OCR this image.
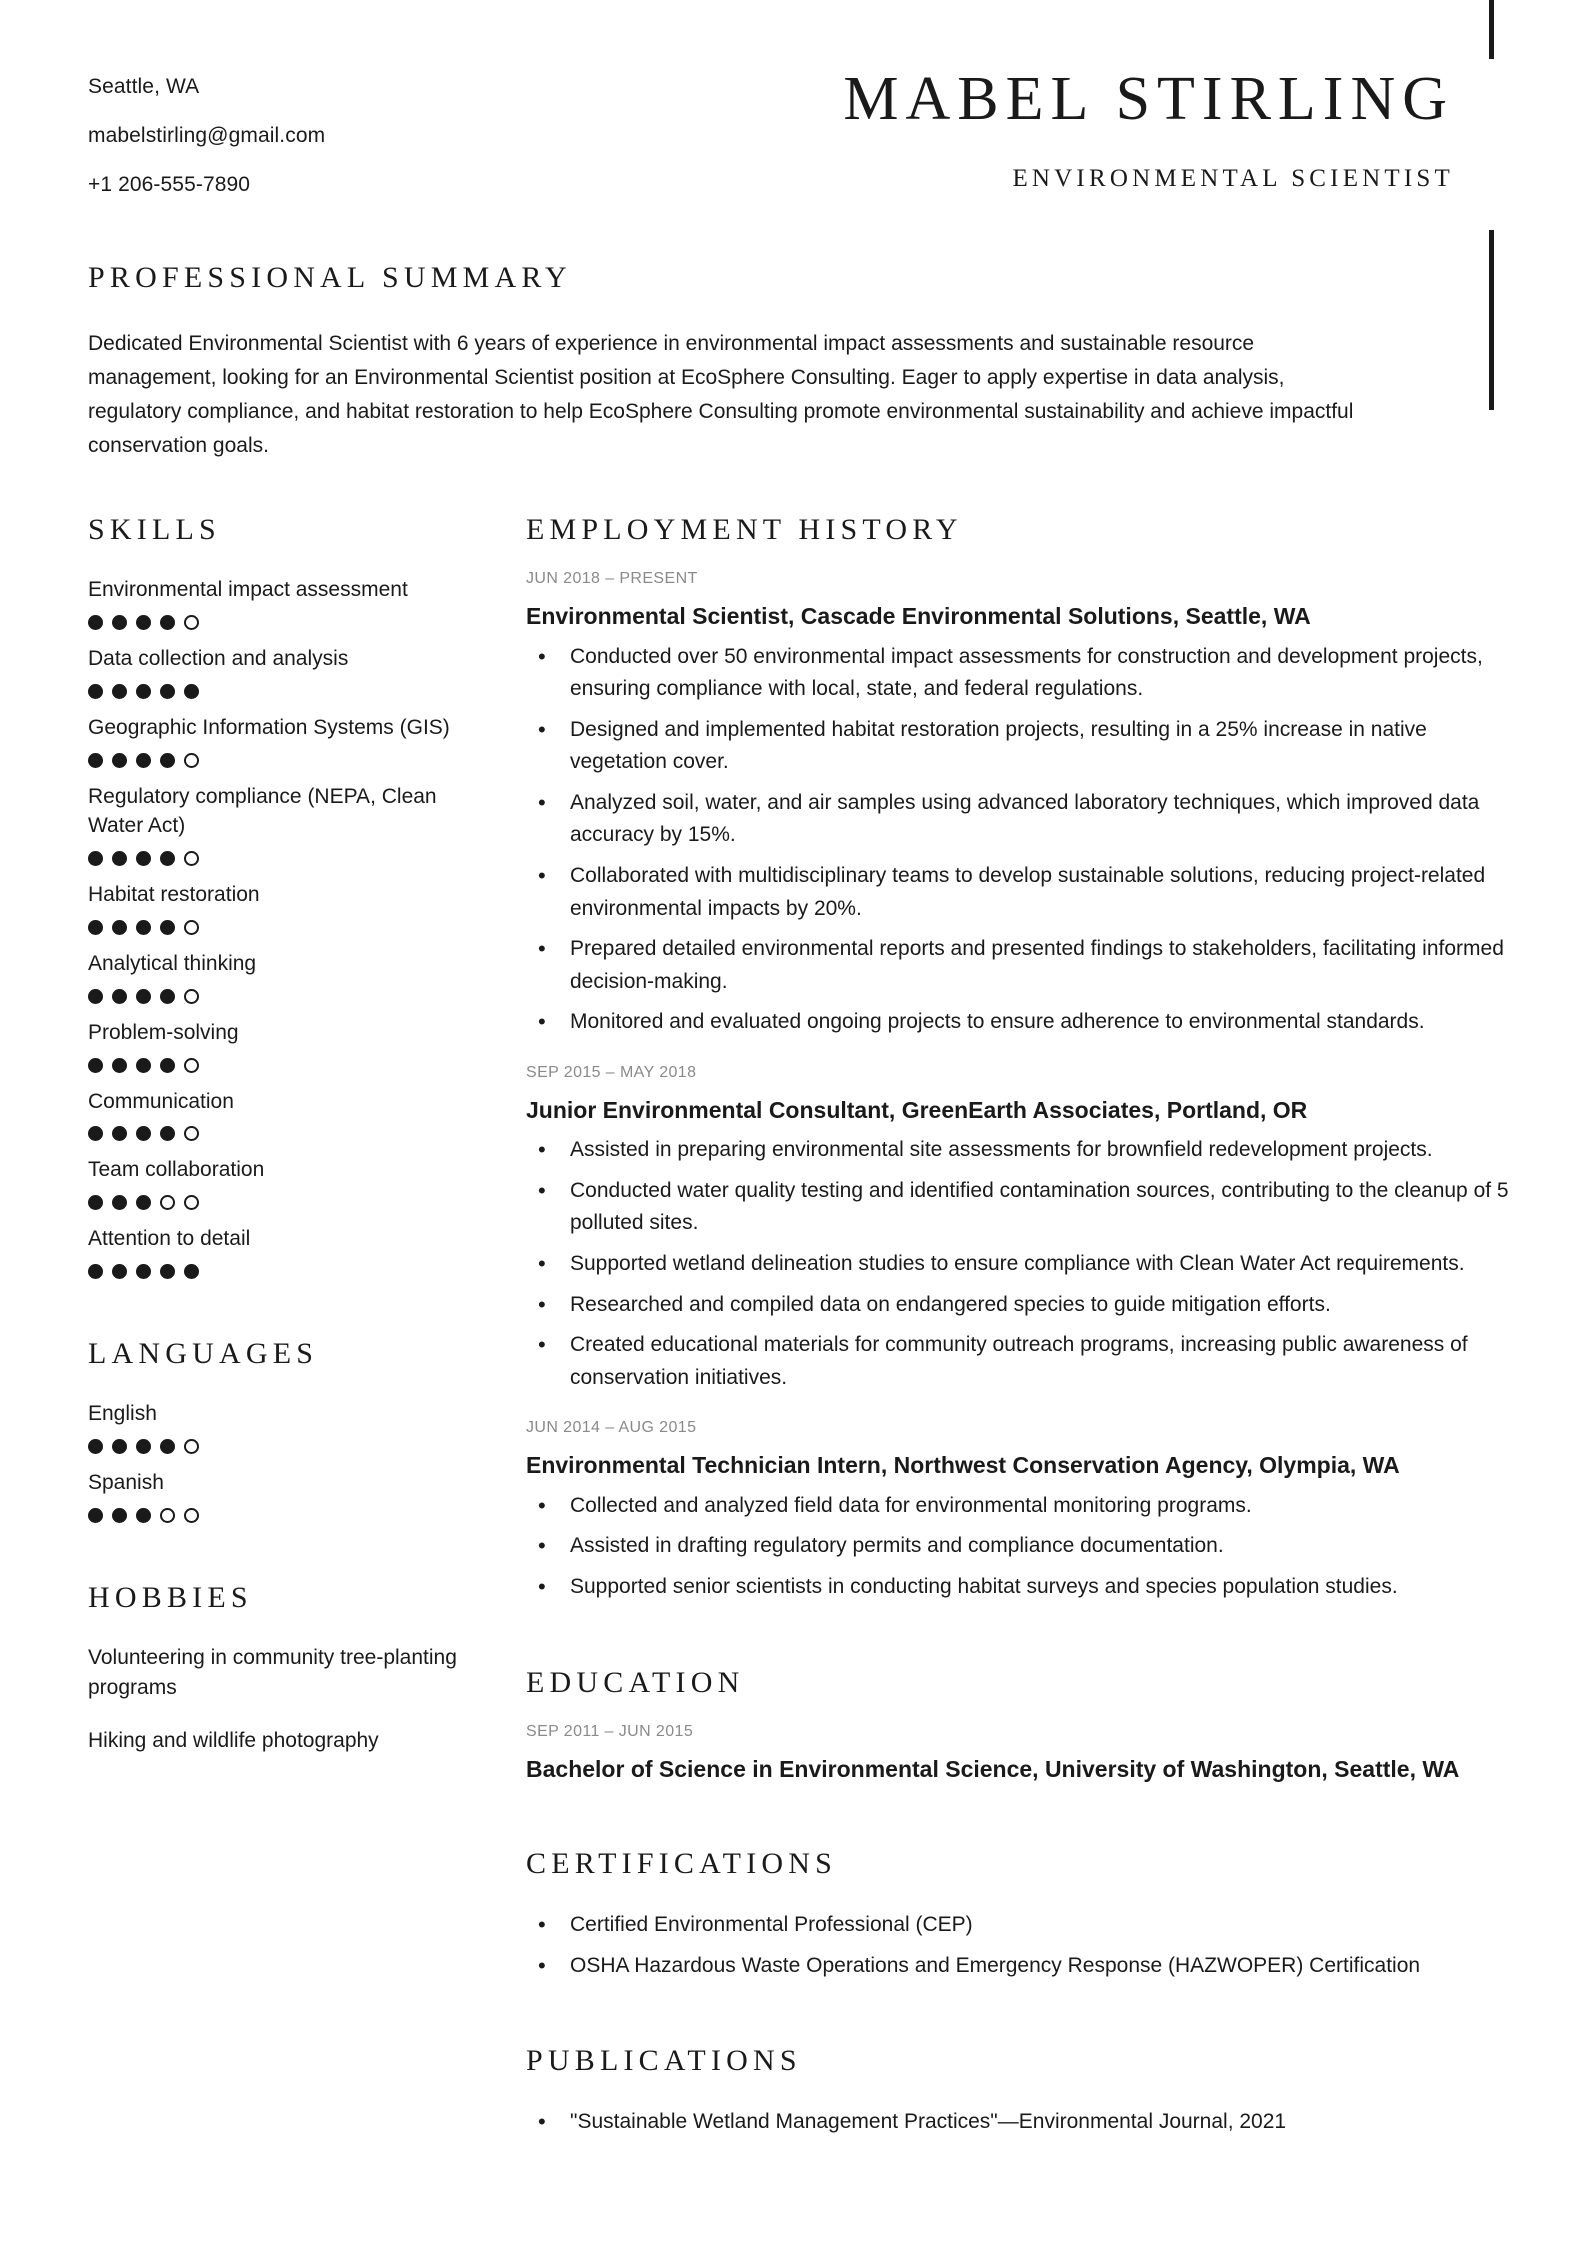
Seattle, WA
mabelstirling@gmail.com
+1 206-555-7890
MABEL STIRLING
ENVIRONMENTAL SCIENTIST
PROFESSIONAL SUMMARY
Dedicated Environmental Scientist with 6 years of experience in environmental impact assessments and sustainable resource management, looking for an Environmental Scientist position at EcoSphere Consulting. Eager to apply expertise in data analysis, regulatory compliance, and habitat restoration to help EcoSphere Consulting promote environmental sustainability and achieve impactful conservation goals.
SKILLS
Environmental impact assessment
Data collection and analysis
Geographic Information Systems (GIS)
Regulatory compliance (NEPA, Clean Water Act)
Habitat restoration
Analytical thinking
Problem-solving
Communication
Team collaboration
Attention to detail
LANGUAGES
English
Spanish
HOBBIES
Volunteering in community tree-planting programs
Hiking and wildlife photography
EMPLOYMENT HISTORY
JUN 2018 – PRESENT
Environmental Scientist, Cascade Environmental Solutions, Seattle, WA
• Conducted over 50 environmental impact assessments for construction and development projects, ensuring compliance with local, state, and federal regulations.
• Designed and implemented habitat restoration projects, resulting in a 25% increase in native vegetation cover.
• Analyzed soil, water, and air samples using advanced laboratory techniques, which improved data accuracy by 15%.
• Collaborated with multidisciplinary teams to develop sustainable solutions, reducing project-related environmental impacts by 20%.
• Prepared detailed environmental reports and presented findings to stakeholders, facilitating informed decision-making.
• Monitored and evaluated ongoing projects to ensure adherence to environmental standards.
SEP 2015 – MAY 2018
Junior Environmental Consultant, GreenEarth Associates, Portland, OR
• Assisted in preparing environmental site assessments for brownfield redevelopment projects.
• Conducted water quality testing and identified contamination sources, contributing to the cleanup of 5 polluted sites.
• Supported wetland delineation studies to ensure compliance with Clean Water Act requirements.
• Researched and compiled data on endangered species to guide mitigation efforts.
• Created educational materials for community outreach programs, increasing public awareness of conservation initiatives.
JUN 2014 – AUG 2015
Environmental Technician Intern, Northwest Conservation Agency, Olympia, WA
• Collected and analyzed field data for environmental monitoring programs.
• Assisted in drafting regulatory permits and compliance documentation.
• Supported senior scientists in conducting habitat surveys and species population studies.
EDUCATION
SEP 2011 – JUN 2015
Bachelor of Science in Environmental Science, University of Washington, Seattle, WA
CERTIFICATIONS
• Certified Environmental Professional (CEP)
• OSHA Hazardous Waste Operations and Emergency Response (HAZWOPER) Certification
PUBLICATIONS
• "Sustainable Wetland Management Practices"—Environmental Journal, 2021
